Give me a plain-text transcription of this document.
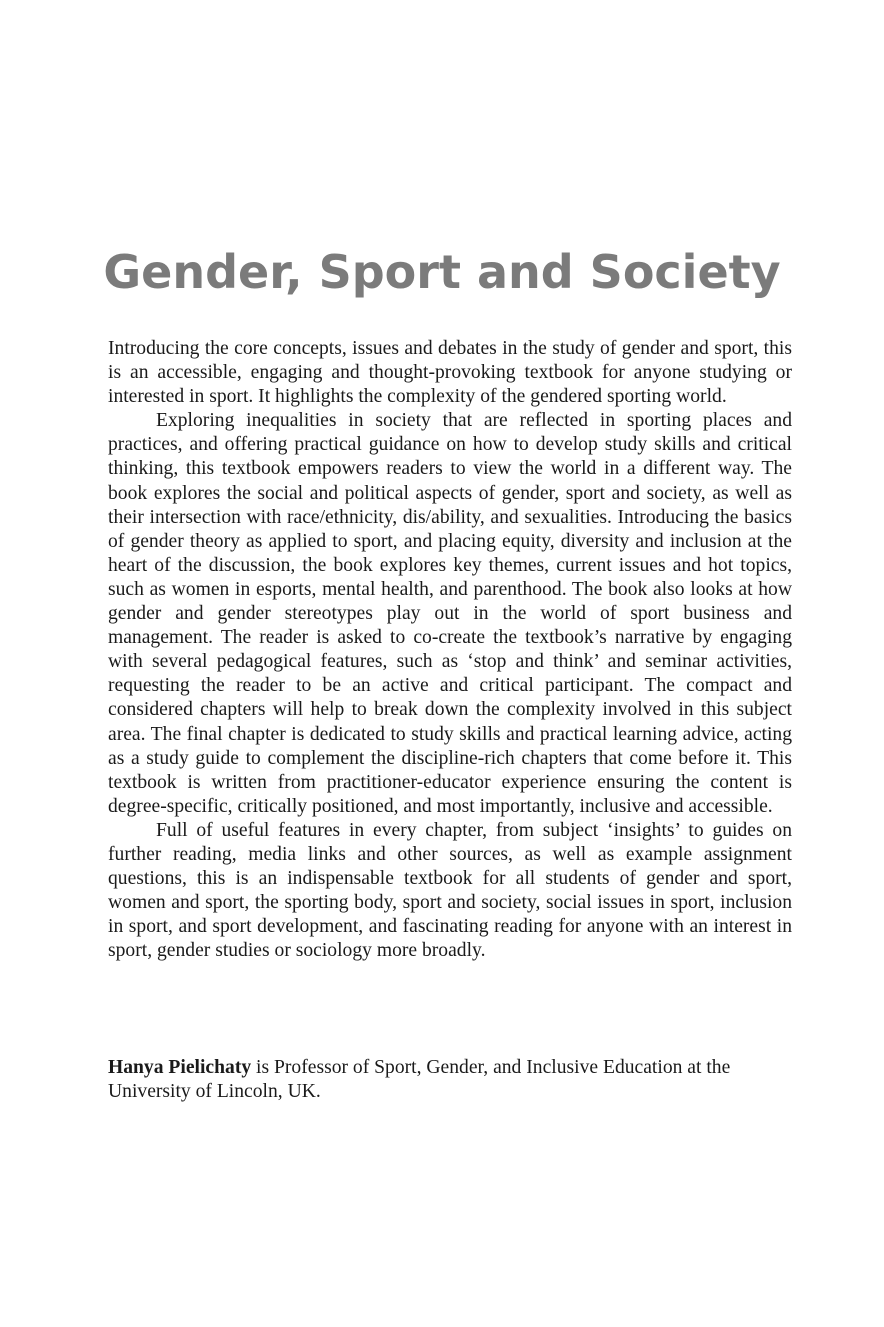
Gender, Sport and Society

Introducing the core concepts, issues and debates in the study of gender and sport, this is an accessible, engaging and thought-provoking textbook for anyone studying or interested in sport. It highlights the complexity of the gendered sporting world.

Exploring inequalities in society that are reflected in sporting places and practices, and offering practical guidance on how to develop study skills and critical thinking, this textbook empowers readers to view the world in a different way. The book explores the social and political aspects of gender, sport and society, as well as their intersection with race/ethnicity, dis/ability, and sexualities. Introducing the basics of gender theory as applied to sport, and placing equity, diversity and inclusion at the heart of the discussion, the book explores key themes, current issues and hot topics, such as women in esports, mental health, and parenthood. The book also looks at how gender and gender stereotypes play out in the world of sport business and management. The reader is asked to co-create the textbook’s narrative by engaging with several pedagogical features, such as ‘stop and think’ and seminar activities, requesting the reader to be an active and critical participant. The compact and considered chapters will help to break down the complexity involved in this subject area. The final chapter is dedicated to study skills and practical learning advice, acting as a study guide to complement the discipline-rich chapters that come before it. This textbook is written from practitioner-educator experience ensuring the content is degree-specific, critically positioned, and most importantly, inclusive and accessible.

Full of useful features in every chapter, from subject ‘insights’ to guides on further reading, media links and other sources, as well as example assignment questions, this is an indispensable textbook for all students of gender and sport, women and sport, the sporting body, sport and society, social issues in sport, inclusion in sport, and sport development, and fascinating reading for anyone with an interest in sport, gender studies or sociology more broadly.

Hanya Pielichaty is Professor of Sport, Gender, and Inclusive Education at the University of Lincoln, UK.
